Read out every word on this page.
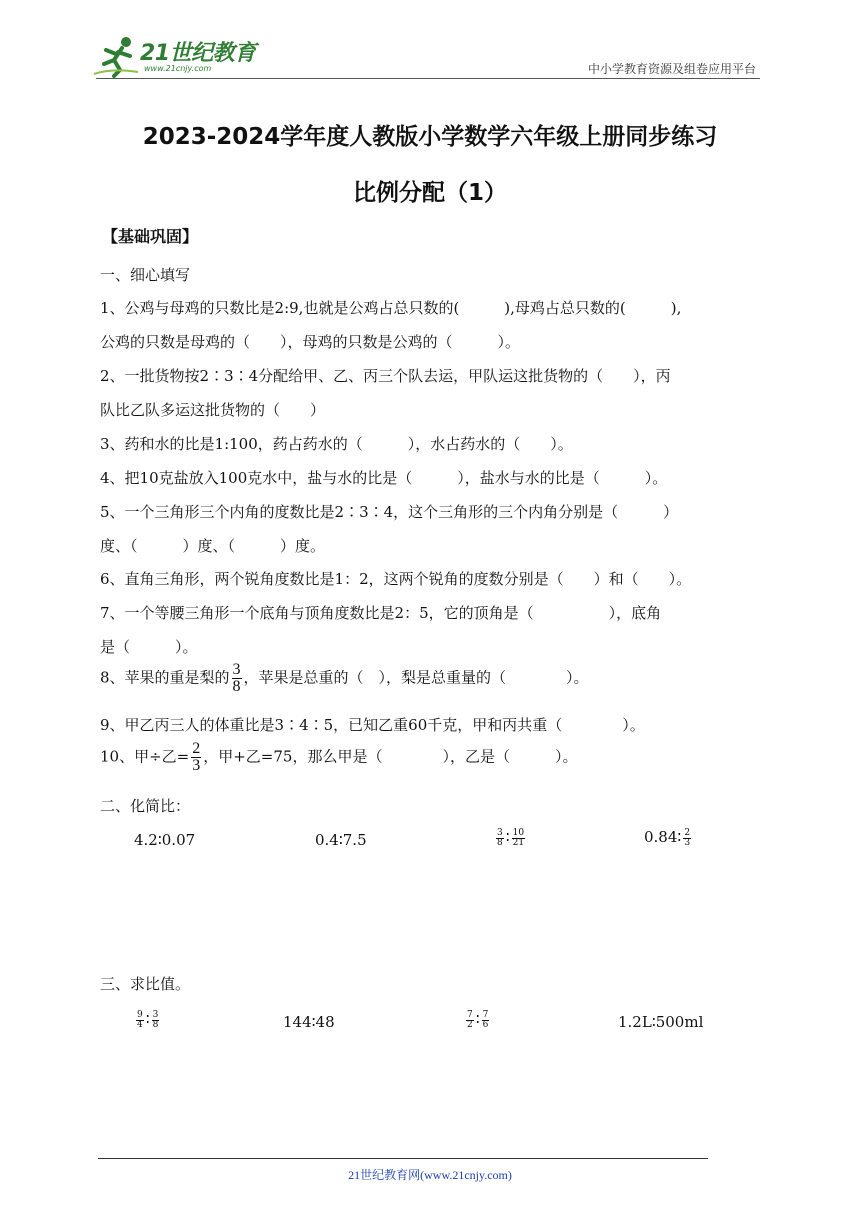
21世纪教育
www.21cnjy.com	中小学教育资源及组卷应用平台
2023-2024学年度人教版小学数学六年级上册同步练习
比例分配（1）
【基础巩固】
一、细心填写
1、公鸡与母鸡的只数比是2:9,也就是公鸡占总只数的(　　　),母鸡占总只数的(　　　),
公鸡的只数是母鸡的（　　），母鸡的只数是公鸡的（　　　）。
2、一批货物按2∶3∶4分配给甲、乙、丙三个队去运，甲队运这批货物的（　　），丙
队比乙队多运这批货物的（　　）
3、药和水的比是1:100，药占药水的（　　　），水占药水的（　　）。
4、把10克盐放入100克水中，盐与水的比是（　　　），盐水与水的比是（　　　）。
5、一个三角形三个内角的度数比是2∶3∶4，这个三角形的三个内角分别是（　　　）
度、（　　　）度、（　　　）度。
6、直角三角形，两个锐角度数比是1：2，这两个锐角的度数分别是（　　）和（　　）。
7、一个等腰三角形一个底角与顶角度数比是2：5，它的顶角是（　　　　　），底角
是（　　　）。
8、苹果的重是梨的 $\frac{3}{8}$ ，苹果是总重的（　），梨是总重量的（　　　　）。
9、甲乙丙三人的体重比是3∶4∶5，已知乙重60千克，甲和丙共重（　　　　）。
10、甲÷乙= $\frac{2}{3}$ ，甲+乙=75，那么甲是（　　　　），乙是（　　　）。
二、化简比：
4.2∶0.07	0.4∶7.5	$\frac{3}{8}$ ∶ $\frac{10}{21}$	0.84∶ $\frac{2}{3}$
三、求比值。
$\frac{9}{4}$ ∶ $\frac{3}{8}$	144∶48	$\frac{7}{2}$ ∶ $\frac{7}{6}$	1.2L∶500ml
21世纪教育网(www.21cnjy.com)
